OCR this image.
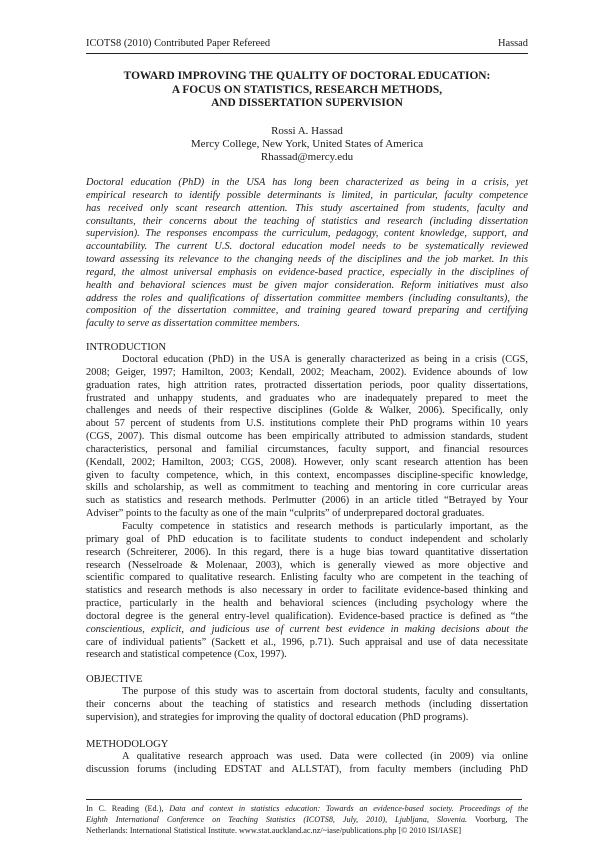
ICOTS8 (2010) Contributed Paper Refereed	Hassad
TOWARD IMPROVING THE QUALITY OF DOCTORAL EDUCATION:
A FOCUS ON STATISTICS, RESEARCH METHODS,
AND DISSERTATION SUPERVISION
Rossi A. Hassad
Mercy College, New York, United States of America
Rhassad@mercy.edu
Doctoral education (PhD) in the USA has long been characterized as being in a crisis, yet
empirical research to identify possible determinants is limited, in particular, faculty competence
has received only scant research attention. This study ascertained from students, faculty and
consultants, their concerns about the teaching of statistics and research (including dissertation
supervision). The responses encompass the curriculum, pedagogy, content knowledge, support, and
accountability. The current U.S. doctoral education model needs to be systematically reviewed
toward assessing its relevance to the changing needs of the disciplines and the job market. In this
regard, the almost universal emphasis on evidence-based practice, especially in the disciplines of
health and behavioral sciences must be given major consideration. Reform initiatives must also
address the roles and qualifications of dissertation committee members (including consultants), the
composition of the dissertation committee, and training geared toward preparing and certifying
faculty to serve as dissertation committee members.
INTRODUCTION
Doctoral education (PhD) in the USA is generally characterized as being in a crisis (CGS,
2008; Geiger, 1997; Hamilton, 2003; Kendall, 2002; Meacham, 2002). Evidence abounds of low
graduation rates, high attrition rates, protracted dissertation periods, poor quality dissertations,
frustrated and unhappy students, and graduates who are inadequately prepared to meet the
challenges and needs of their respective disciplines (Golde & Walker, 2006). Specifically, only
about 57 percent of students from U.S. institutions complete their PhD programs within 10 years
(CGS, 2007). This dismal outcome has been empirically attributed to admission standards, student
characteristics, personal and familial circumstances, faculty support, and financial resources
(Kendall, 2002; Hamilton, 2003; CGS, 2008). However, only scant research attention has been
given to faculty competence, which, in this context, encompasses discipline-specific knowledge,
skills and scholarship, as well as commitment to teaching and mentoring in core curricular areas
such as statistics and research methods. Perlmutter (2006) in an article titled “Betrayed by Your
Adviser” points to the faculty as one of the main “culprits” of underprepared doctoral graduates.
Faculty competence in statistics and research methods is particularly important, as the
primary goal of PhD education is to facilitate students to conduct independent and scholarly
research (Schreiterer, 2006). In this regard, there is a huge bias toward quantitative dissertation
research (Nesselroade & Molenaar, 2003), which is generally viewed as more objective and
scientific compared to qualitative research. Enlisting faculty who are competent in the teaching of
statistics and research methods is also necessary in order to facilitate evidence-based thinking and
practice, particularly in the health and behavioral sciences (including psychology where the
doctoral degree is the general entry-level qualification). Evidence-based practice is defined as “the
conscientious, explicit, and judicious use of current best evidence in making decisions about the
care of individual patients” (Sackett et al., 1996, p.71). Such appraisal and use of data necessitate
research and statistical competence (Cox, 1997).
OBJECTIVE
The purpose of this study was to ascertain from doctoral students, faculty and consultants,
their concerns about the teaching of statistics and research methods (including dissertation
supervision), and strategies for improving the quality of doctoral education (PhD programs).
METHODOLOGY
A qualitative research approach was used. Data were collected (in 2009) via online
discussion forums (including EDSTAT and ALLSTAT), from faculty members (including PhD
In C. Reading (Ed.), Data and context in statistics education: Towards an evidence-based society. Proceedings of the
Eighth International Conference on Teaching Statistics (ICOTS8, July, 2010), Ljubljana, Slovenia. Voorburg, The
Netherlands: International Statistical Institute. www.stat.auckland.ac.nz/~iase/publications.php [© 2010 ISI/IASE]
